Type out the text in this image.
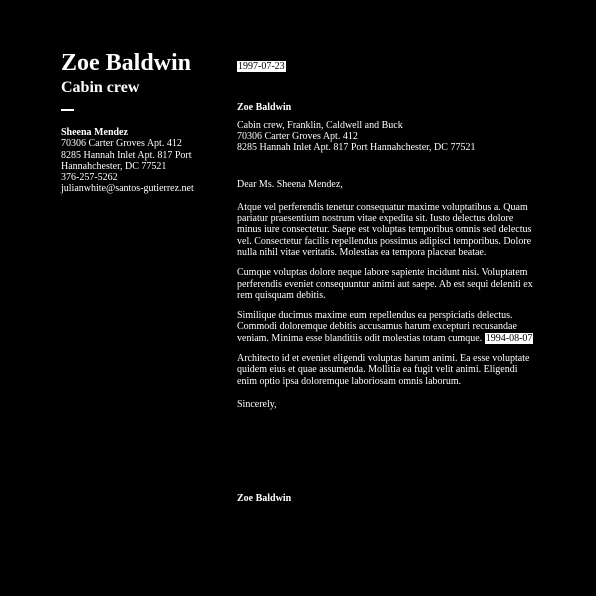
Zoe Baldwin
Cabin crew
Sheena Mendez
70306 Carter Groves Apt. 412
8285 Hannah Inlet Apt. 817 Port
Hannahchester, DC 77521
376-257-5262
julianwhite@santos-gutierrez.net
1997-07-23
Zoe Baldwin
Cabin crew, Franklin, Caldwell and Buck
70306 Carter Groves Apt. 412
8285 Hannah Inlet Apt. 817 Port Hannahchester, DC 77521
Dear Ms. Sheena Mendez,

Atque vel perferendis tenetur consequatur maxime voluptatibus a. Quam pariatur praesentium nostrum vitae expedita sit. Iusto delectus dolore minus iure consectetur. Saepe est voluptas temporibus omnis sed delectus vel. Consectetur facilis repellendus possimus adipisci temporibus. Dolore nulla nihil vitae veritatis. Molestias ea tempora placeat beatae.

Cumque voluptas dolore neque labore sapiente incidunt nisi. Voluptatem perferendis eveniet consequuntur animi aut saepe. Ab est sequi deleniti ex rem quisquam debitis.

Similique ducimus maxime eum repellendus ea perspiciatis delectus. Commodi doloremque debitis accusamus harum excepturi recusandae veniam. Minima esse blanditiis odit molestias totam cumque. 1994-08-07

Architecto id et eveniet eligendi voluptas harum animi. Ea esse voluptate quidem eius et quae assumenda. Mollitia ea fugit velit animi. Eligendi enim optio ipsa doloremque laboriosam omnis laborum.

Sincerely,
Zoe Baldwin
